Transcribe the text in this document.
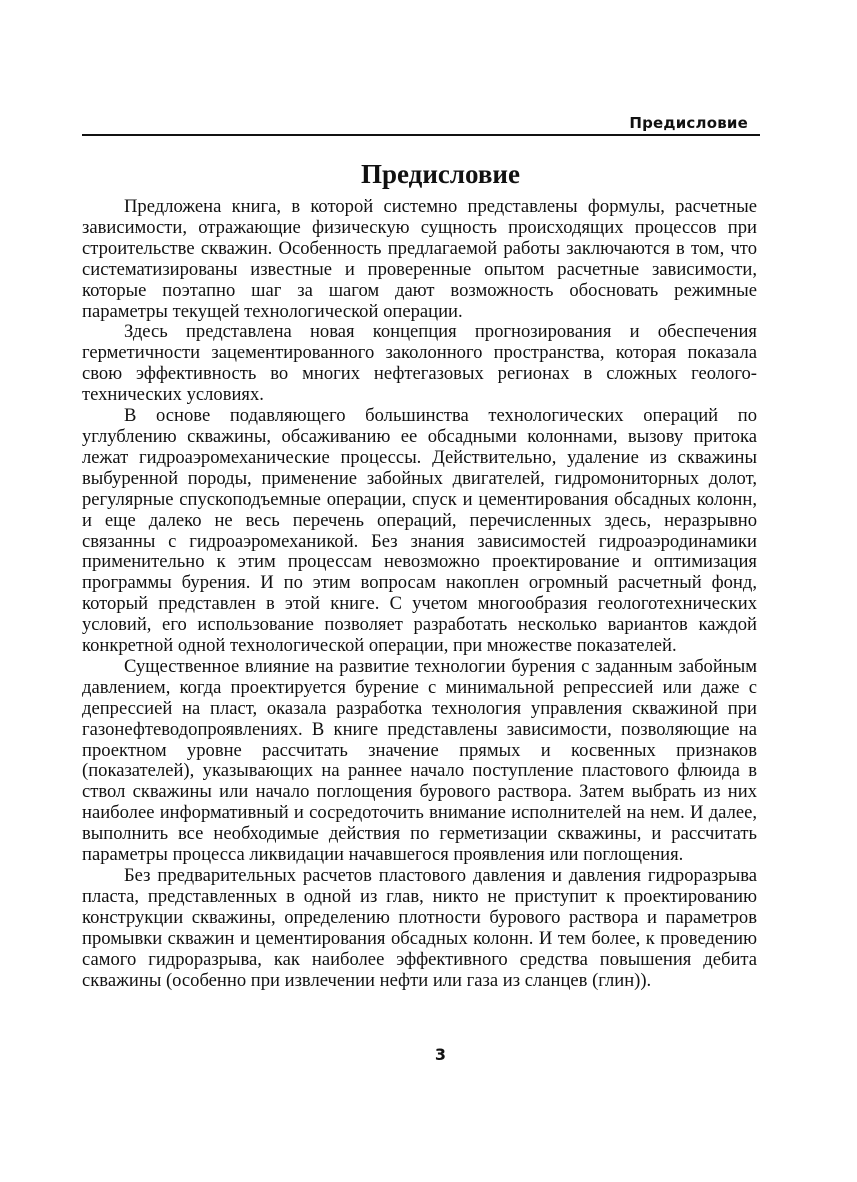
Предисловие
Предисловие

Предложена книга, в которой системно представлены формулы, расчетные зависимости, отражающие физическую сущность происходящих процессов при строительстве скважин. Особенность предлагаемой работы заключаются в том, что систематизированы известные и проверенные опытом расчетные зависимости, которые поэтапно шаг за шагом дают возможность обосновать режимные параметры текущей технологической операции.

Здесь представлена новая концепция прогнозирования и обеспечения герметичности зацементированного заколонного пространства, которая показала свою эффективность во многих нефтегазовых регионах в сложных геолого-технических условиях.

В основе подавляющего большинства технологических операций по углублению скважины, обсаживанию ее обсадными колоннами, вызову притока лежат гидроаэромеханические процессы. Действительно, удаление из скважины выбуренной породы, применение забойных двигателей, гидромониторных долот, регулярные спускоподъемные операции, спуск и цементирования обсадных колонн, и еще далеко не весь перечень операций, перечисленных здесь, неразрывно связанны с гидроаэромеханикой. Без знания зависимостей гидроаэродинамики применительно к этим процессам невозможно проектирование и оптимизация программы бурения. И по этим вопросам накоплен огромный расчетный фонд, который представлен в этой книге. С учетом многообразия геологотехнических условий, его использование позволяет разработать несколько вариантов каждой конкретной одной технологической операции, при множестве показателей.

Существенное влияние на развитие технологии бурения с заданным забойным давлением, когда проектируется бурение с минимальной репрессией или даже с депрессией на пласт, оказала разработка технология управления скважиной при газонефтеводопроявлениях. В книге представлены зависимости, позволяющие на проектном уровне рассчитать значение прямых и косвенных признаков (показателей), указывающих на раннее начало поступление пластового флюида в ствол скважины или начало поглощения бурового раствора. Затем выбрать из них наиболее информативный и сосредоточить внимание исполнителей на нем. И далее, выполнить все необходимые действия по герметизации скважины, и рассчитать параметры процесса ликвидации начавшегося проявления или поглощения.

Без предварительных расчетов пластового давления и давления гидроразрыва пласта, представленных в одной из глав, никто не приступит к проектированию конструкции скважины, определению плотности бурового раствора и параметров промывки скважин и цементирования обсадных колонн. И тем более, к проведению самого гидроразрыва, как наиболее эффективного средства повышения дебита скважины (особенно при извлечении нефти или газа из сланцев (глин)).

3
